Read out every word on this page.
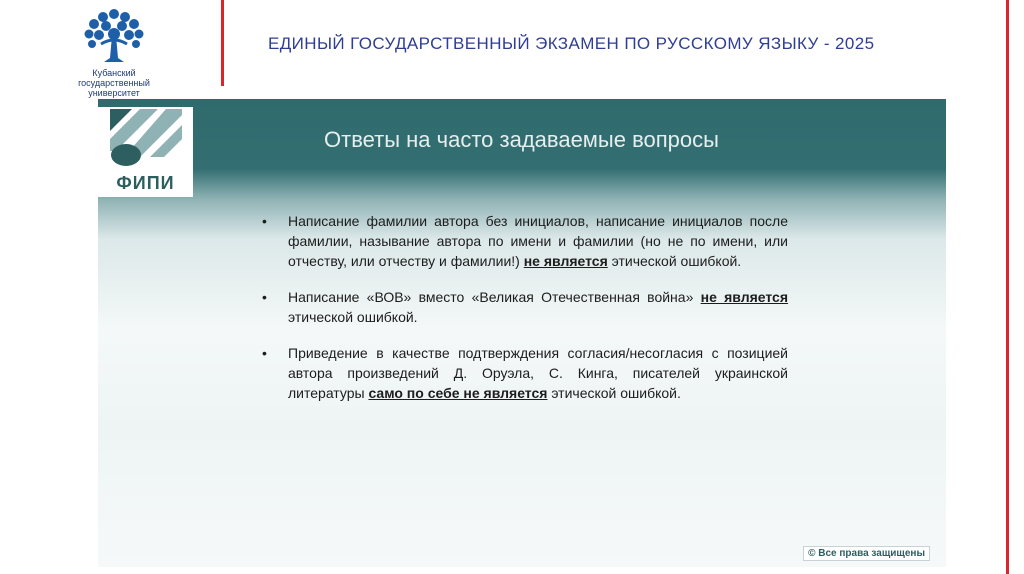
Кубанский
государственный
университет
ЕДИНЫЙ ГОСУДАРСТВЕННЫЙ ЭКЗАМЕН ПО РУССКОМУ ЯЗЫКУ - 2025
ФИПИ
Ответы на часто задаваемые вопросы
• Написание фамилии автора без инициалов, написание инициалов после фамилии, называние автора по имени и фамилии (но не по имени, или отчеству, или отчеству и фамилии!) не является этической ошибкой.
• Написание «ВОВ» вместо «Великая Отечественная война» не является этической ошибкой.
• Приведение в качестве подтверждения согласия/несогласия с позицией автора произведений Д. Оруэла, С. Кинга, писателей украинской литературы само по себе не является этической ошибкой.
© Все права защищены
